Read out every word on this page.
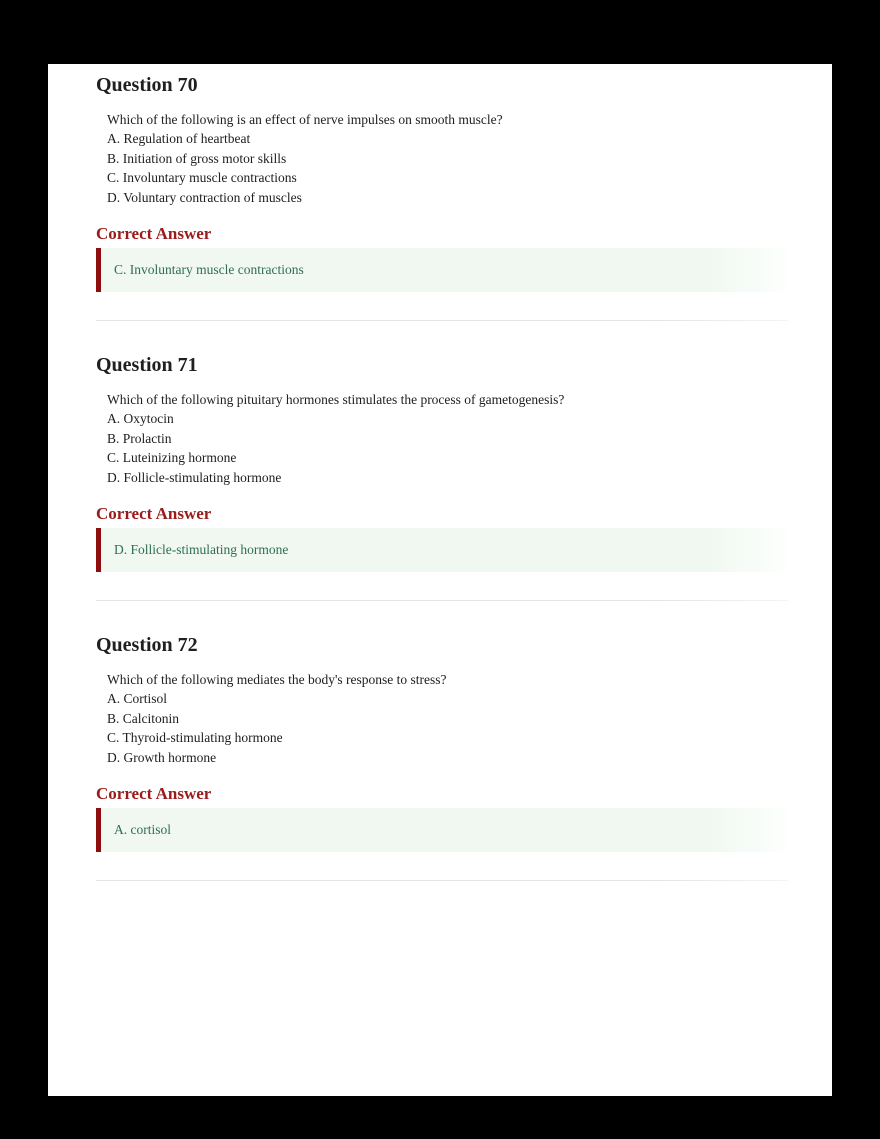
Question 70

Which of the following is an effect of nerve impulses on smooth muscle?

A. Regulation of heartbeat

B. Initiation of gross motor skills

C. Involuntary muscle contractions

D. Voluntary contraction of muscles

Correct Answer
C. Involuntary muscle contractions
Question 71

Which of the following pituitary hormones stimulates the process of gametogenesis?

A. Oxytocin

B. Prolactin

C. Luteinizing hormone

D. Follicle-stimulating hormone

Correct Answer
D. Follicle-stimulating hormone
Question 72

Which of the following mediates the body's response to stress?

A. Cortisol

B. Calcitonin

C. Thyroid-stimulating hormone

D. Growth hormone

Correct Answer
A. cortisol
